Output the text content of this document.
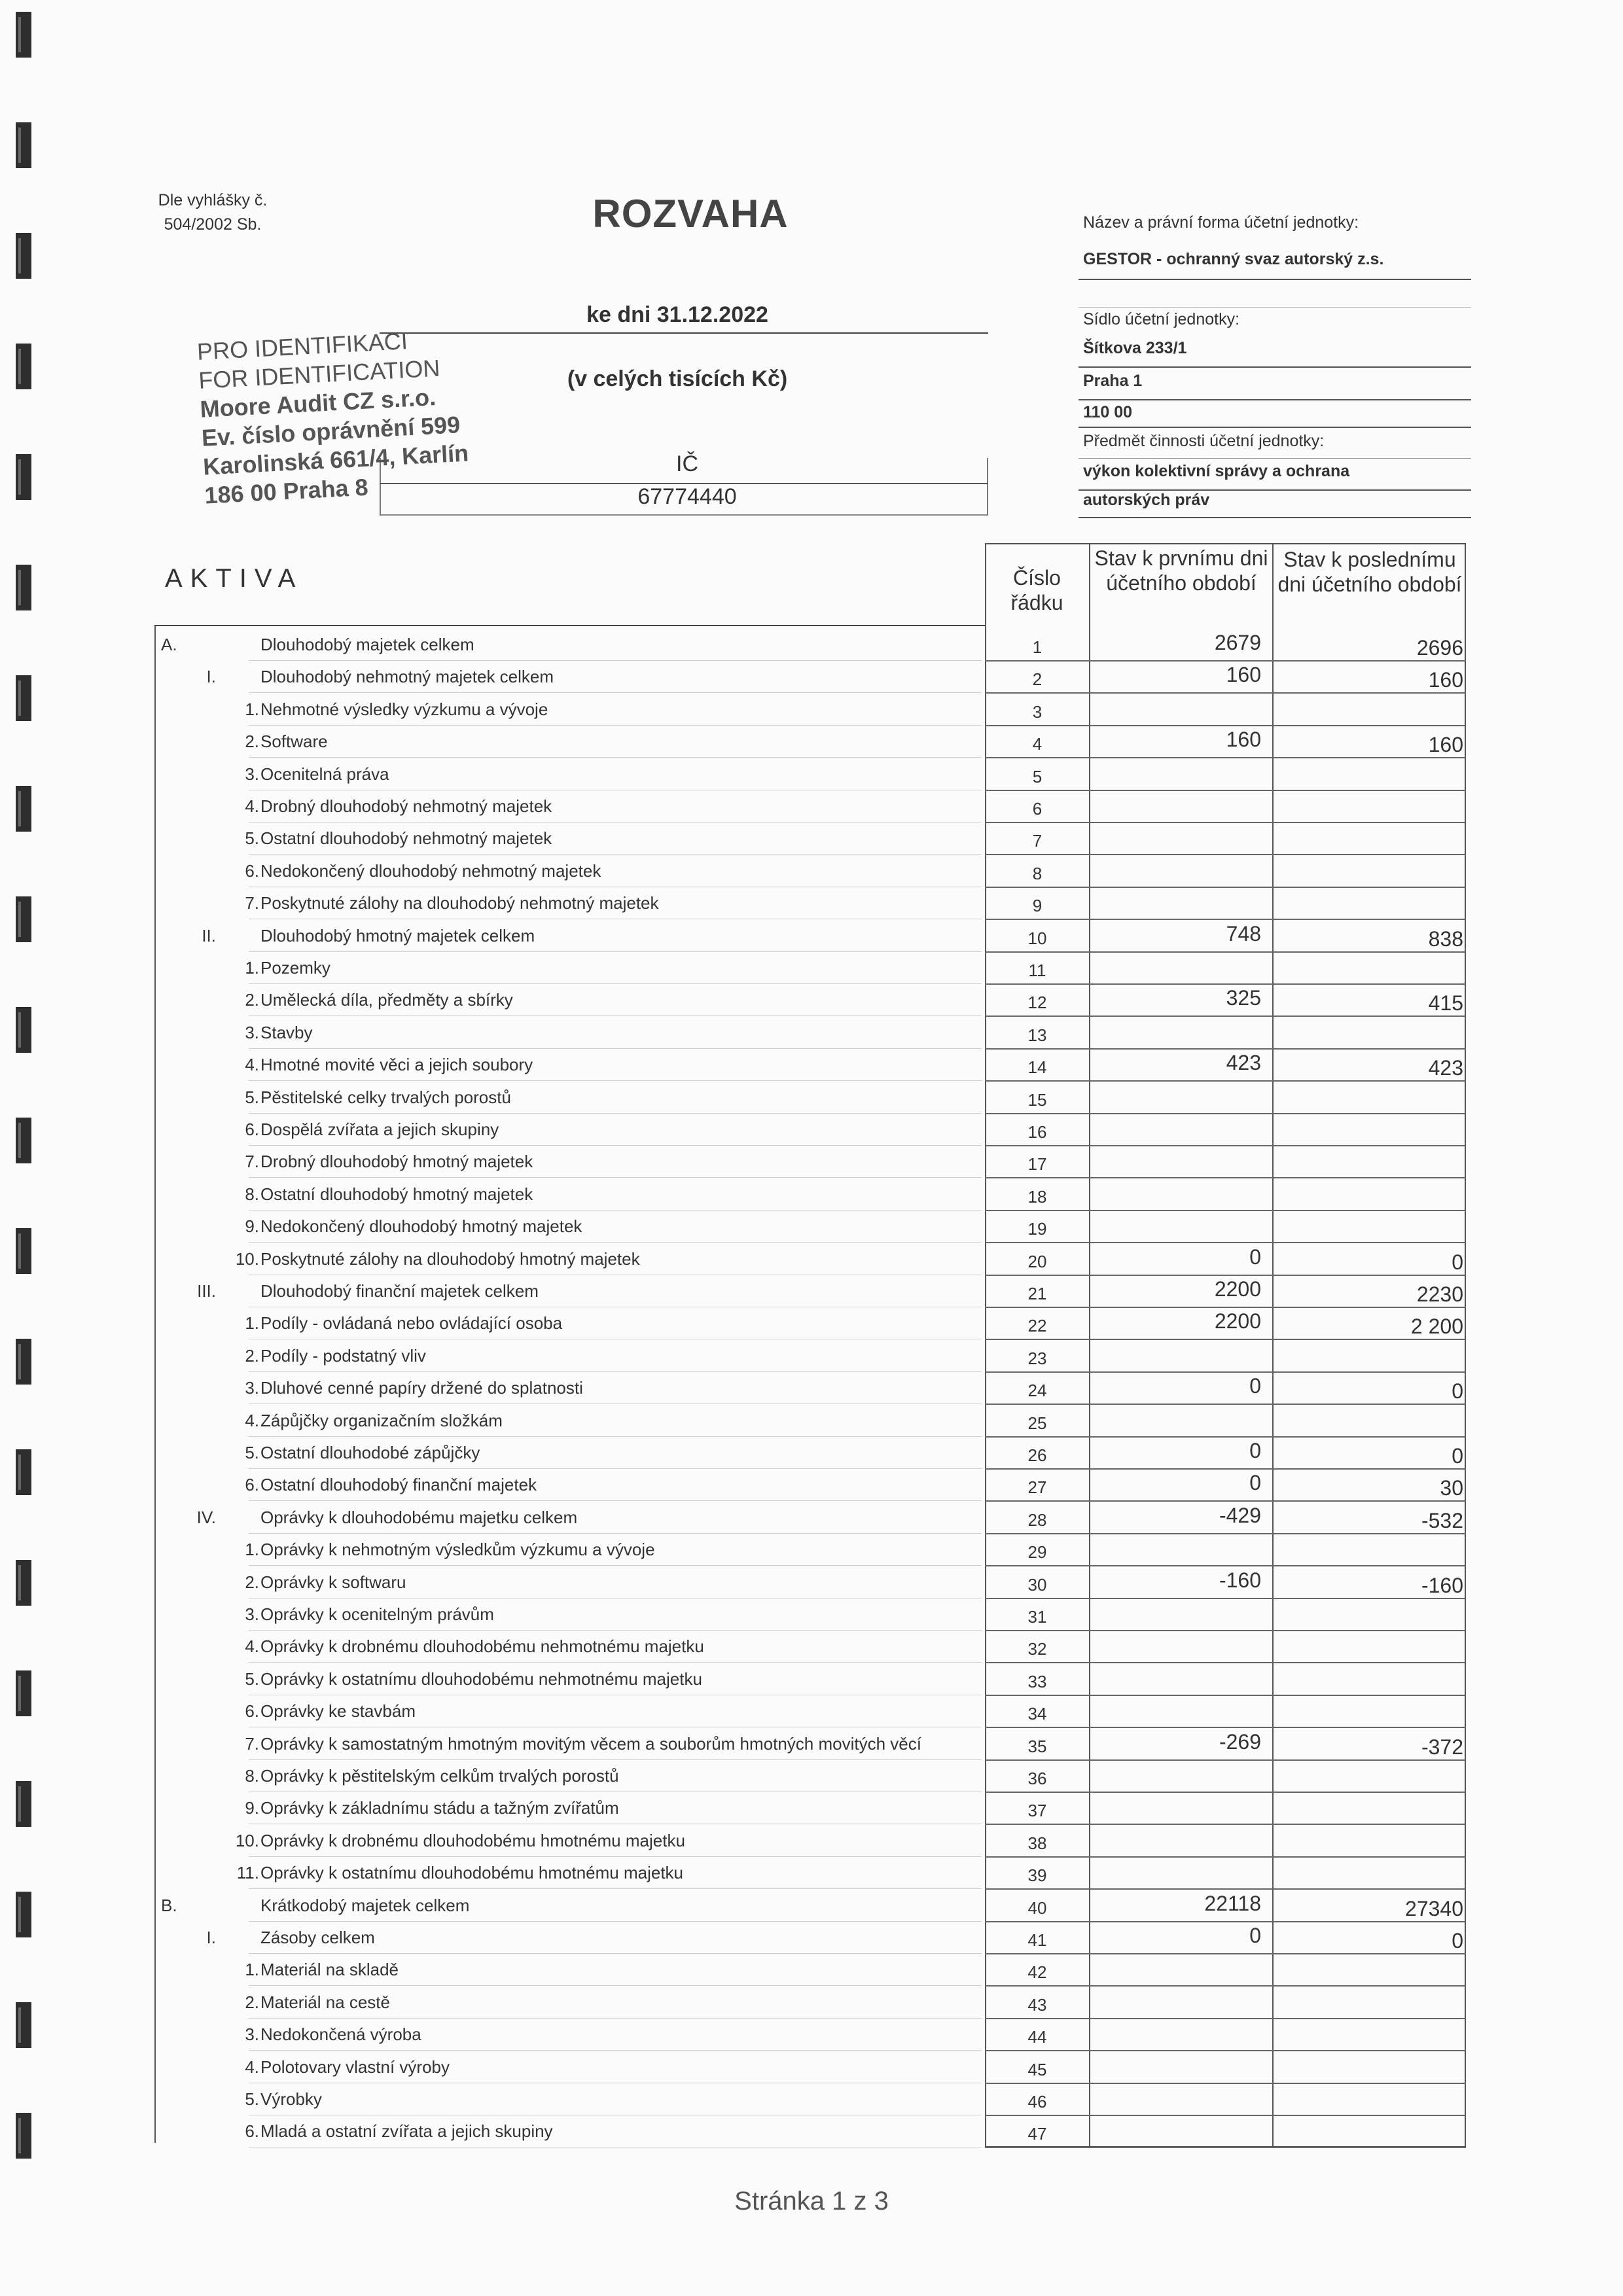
Dle vyhlášky č. 504/2002 Sb.	ROZVAHA
ke dni 31.12.2022
(v celých tisících Kč)
IČ
67774440
PRO IDENTIFIKACI
FOR IDENTIFICATION
Moore Audit CZ s.r.o.
Ev. číslo oprávnění 599
Karolinská 661/4, Karlín
186 00 Praha 8
Název a právní forma účetní jednotky:
GESTOR - ochranný svaz autorský z.s.
Sídlo účetní jednotky:
Šítkova 233/1
Praha 1
110 00
Předmět činnosti účetní jednotky:
výkon kolektivní správy a ochrana
autorských práv
AKTIVA	Číslo řádku
Stav k prvnímu dni účetního období
Stav k poslednímu dni účetního období
A.	Dlouhodobý majetek celkem	1	2679	2696
I.	Dlouhodobý nehmotný majetek celkem	2	160	160
1. Nehmotné výsledky výzkumu a vývoje	3
2. Software	4	160	160
3. Ocenitelná práva	5
4. Drobný dlouhodobý nehmotný majetek	6
5. Ostatní dlouhodobý nehmotný majetek	7
6. Nedokončený dlouhodobý nehmotný majetek	8
7. Poskytnuté zálohy na dlouhodobý nehmotný majetek	9
II.	Dlouhodobý hmotný majetek celkem	10	748	838
1. Pozemky	11
2. Umělecká díla, předměty a sbírky	12	325	415
3. Stavby	13
4. Hmotné movité věci a jejich soubory	14	423	423
5. Pěstitelské celky trvalých porostů	15
6. Dospělá zvířata a jejich skupiny	16
7. Drobný dlouhodobý hmotný majetek	17
8. Ostatní dlouhodobý hmotný majetek	18
9. Nedokončený dlouhodobý hmotný majetek	19
10. Poskytnuté zálohy na dlouhodobý hmotný majetek	20	0	0
III.	Dlouhodobý finanční majetek celkem	21	2200	2230
1. Podíly - ovládaná nebo ovládající osoba	22	2200	2 200
2. Podíly - podstatný vliv	23
3. Dluhové cenné papíry držené do splatnosti	24	0	0
4. Zápůjčky organizačním složkám	25
5. Ostatní dlouhodobé zápůjčky	26	0	0
6. Ostatní dlouhodobý finanční majetek	27	0	30
IV.	Oprávky k dlouhodobému majetku celkem	28	-429	-532
1. Oprávky k nehmotným výsledkům výzkumu a vývoje	29
2. Oprávky k softwaru	30	-160	-160
3. Oprávky k ocenitelným právům	31
4. Oprávky k drobnému dlouhodobému nehmotnému majetku	32
5. Oprávky k ostatnímu dlouhodobému nehmotnému majetku	33
6. Oprávky ke stavbám	34
7. Oprávky k samostatným hmotným movitým věcem a souborům hmotných movitých věcí	35	-269	-372
8. Oprávky k pěstitelským celkům trvalých porostů	36
9. Oprávky k základnímu stádu a tažným zvířatům	37
10. Oprávky k drobnému dlouhodobému hmotnému majetku	38
11. Oprávky k ostatnímu dlouhodobému hmotnému majetku	39
B.	Krátkodobý majetek celkem	40	22118	27340
I.	Zásoby celkem	41	0	0
1. Materiál na skladě	42
2. Materiál na cestě	43
3. Nedokončená výroba	44
4. Polotovary vlastní výroby	45
5. Výrobky	46
6. Mladá a ostatní zvířata a jejich skupiny	47
Stránka 1 z 3
